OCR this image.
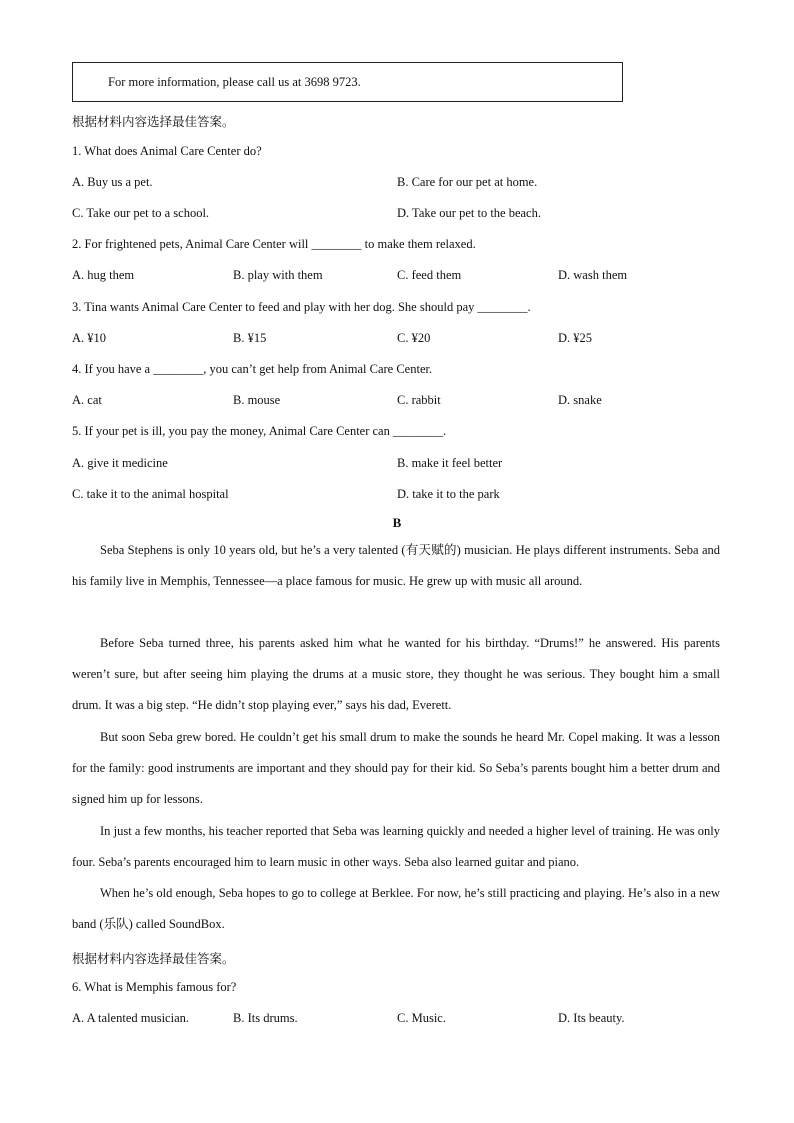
For more information, please call us at 3698 9723.
根据材料内容选择最佳答案。
1. What does Animal Care Center do?
A. Buy us a pet.	B. Care for our pet at home.
C. Take our pet to a school.	D. Take our pet to the beach.
2. For frightened pets, Animal Care Center will ________ to make them relaxed.
A. hug them	B. play with them	C. feed them	D. wash them
3. Tina wants Animal Care Center to feed and play with her dog. She should pay ________.
A. ¥10	B. ¥15	C. ¥20	D. ¥25
4. If you have a ________, you can’t get help from Animal Care Center.
A. cat	B. mouse	C. rabbit	D. snake
5. If your pet is ill, you pay the money, Animal Care Center can ________.
A. give it medicine	B. make it feel better
C. take it to the animal hospital	D. take it to the park
B

Seba Stephens is only 10 years old, but he’s a very talented (有天赋的) musician. He plays different instruments. Seba and his family live in Memphis, Tennessee—a place famous for music. He grew up with music all around.

Before Seba turned three, his parents asked him what he wanted for his birthday. “Drums!” he answered. His parents weren’t sure, but after seeing him playing the drums at a music store, they thought he was serious. They bought him a small drum. It was a big step. “He didn’t stop playing ever,” says his dad, Everett.

But soon Seba grew bored. He couldn’t get his small drum to make the sounds he heard Mr. Copel making. It was a lesson for the family: good instruments are important and they should pay for their kid. So Seba’s parents bought him a better drum and signed him up for lessons.

In just a few months, his teacher reported that Seba was learning quickly and needed a higher level of training. He was only four. Seba’s parents encouraged him to learn music in other ways. Seba also learned guitar and piano.

When he’s old enough, Seba hopes to go to college at Berklee. For now, he’s still practicing and playing. He’s also in a new band (乐队) called SoundBox.

根据材料内容选择最佳答案。
6. What is Memphis famous for?
A. A talented musician.	B. Its drums.	C. Music.	D. Its beauty.
